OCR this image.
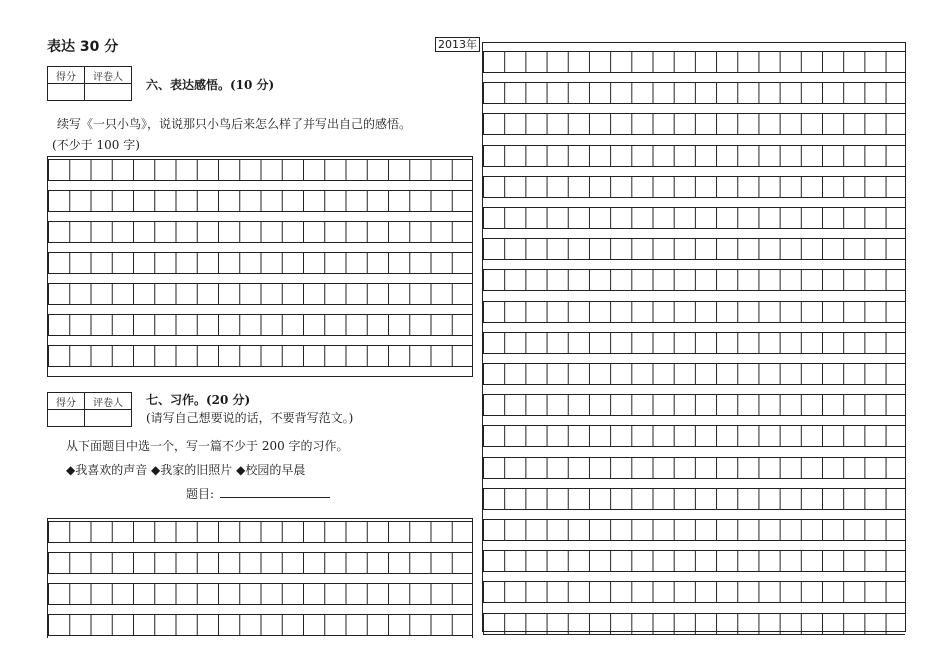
表达 30 分	2013年
得分	评卷人

六、表达感悟。(10 分)
续写《一只小鸟》，说说那只小鸟后来怎么样了并写出自己的感悟。
(不少于 100 字)
得分	评卷人
	七、习作。(20 分)
(请写自己想要说的话，不要背写范文。)
从下面题目中选一个，写一篇不少于 200 字的习作。
◆我喜欢的声音 ◆我家的旧照片 ◆校园的早晨
题目:
